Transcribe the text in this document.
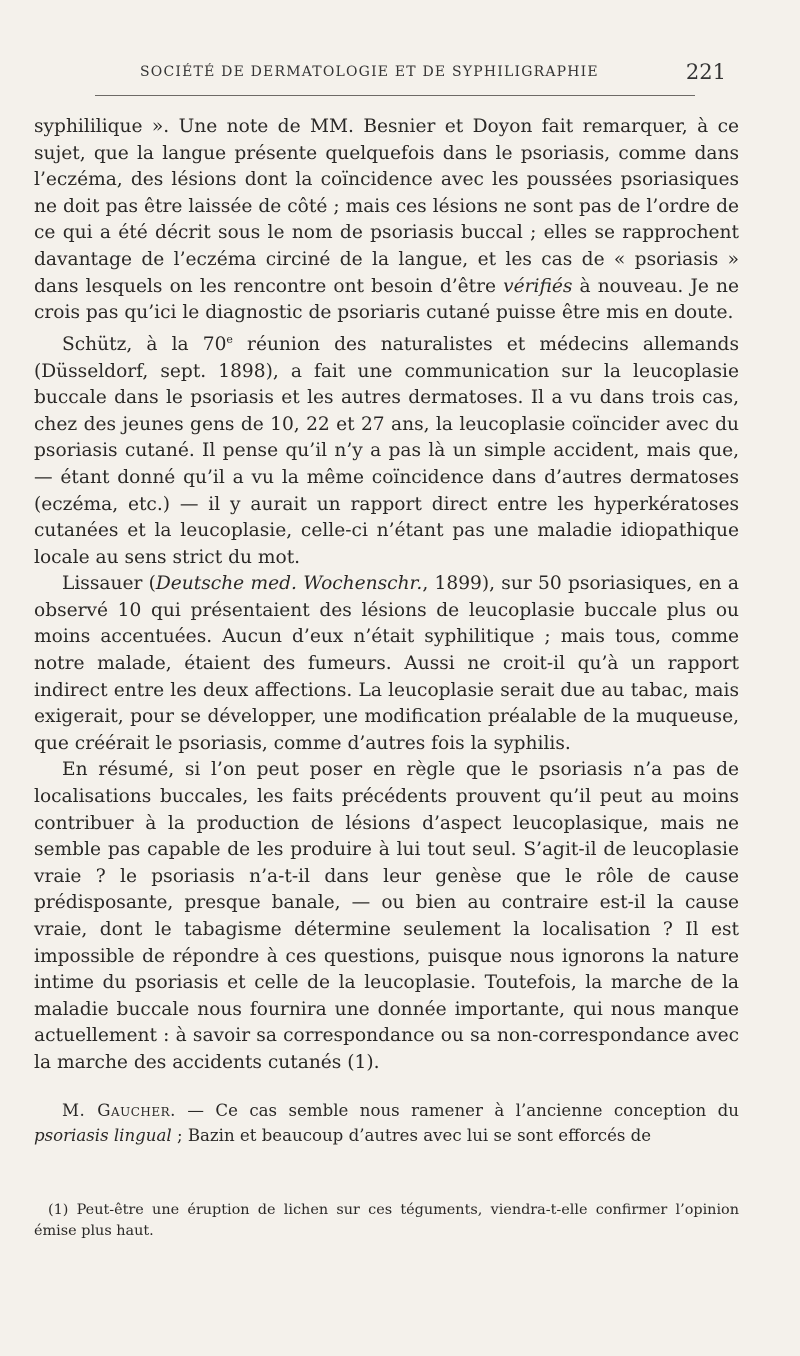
SOCIÉTÉ DE DERMATOLOGIE ET DE SYPHILIGRAPHIE	221

syphililique ». Une note de MM. Besnier et Doyon fait remarquer, à ce sujet, que la langue présente quelquefois dans le psoriasis, comme dans l’eczéma, des lésions dont la coïncidence avec les poussées psoriasiques ne doit pas être laissée de côté ; mais ces lésions ne sont pas de l’ordre de ce qui a été décrit sous le nom de psoriasis buccal ; elles se rapprochent davantage de l’eczéma circiné de la langue, et les cas de « psoriasis » dans lesquels on les rencontre ont besoin d’être vérifiés à nouveau. Je ne crois pas qu’ici le diagnostic de psoriaris cutané puisse être mis en doute.

Schütz, à la 70e réunion des naturalistes et médecins allemands (Düsseldorf, sept. 1898), a fait une communication sur la leucoplasie buccale dans le psoriasis et les autres dermatoses. Il a vu dans trois cas, chez des jeunes gens de 10, 22 et 27 ans, la leucoplasie coïncider avec du psoriasis cutané. Il pense qu’il n’y a pas là un simple accident, mais que,— étant donné qu’il a vu la même coïncidence dans d’autres dermatoses (eczéma, etc.) — il y aurait un rapport direct entre les hyperkératoses cutanées et la leucoplasie, celle-ci n’étant pas une maladie idiopathique locale au sens strict du mot.

Lissauer (Deutsche med. Wochenschr., 1899), sur 50 psoriasiques, en a observé 10 qui présentaient des lésions de leucoplasie buccale plus ou moins accentuées. Aucun d’eux n’était syphilitique ; mais tous, comme notre malade, étaient des fumeurs. Aussi ne croit-il qu’à un rapport indirect entre les deux affections. La leucoplasie serait due au tabac, mais exigerait, pour se développer, une modification préalable de la muqueuse, que créérait le psoriasis, comme d’autres fois la syphilis.

En résumé, si l’on peut poser en règle que le psoriasis n’a pas de localisations buccales, les faits précédents prouvent qu’il peut au moins contribuer à la production de lésions d’aspect leucoplasique, mais ne semble pas capable de les produire à lui tout seul. S’agit-il de leucoplasie vraie ? le psoriasis n’a-t-il dans leur genèse que le rôle de cause prédisposante, presque banale, — ou bien au contraire est-il la cause vraie, dont le tabagisme détermine seulement la localisation ? Il est impossible de répondre à ces questions, puisque nous ignorons la nature intime du psoriasis et celle de la leucoplasie. Toutefois, la marche de la maladie buccale nous fournira une donnée importante, qui nous manque actuellement : à savoir sa correspondance ou sa non-correspondance avec la marche des accidents cutanés (1).

M. Gaucher. — Ce cas semble nous ramener à l’ancienne conception du psoriasis lingual ; Bazin et beaucoup d’autres avec lui se sont efforcés de

(1) Peut-être une éruption de lichen sur ces téguments, viendra-t-elle confirmer l’opinion émise plus haut.
